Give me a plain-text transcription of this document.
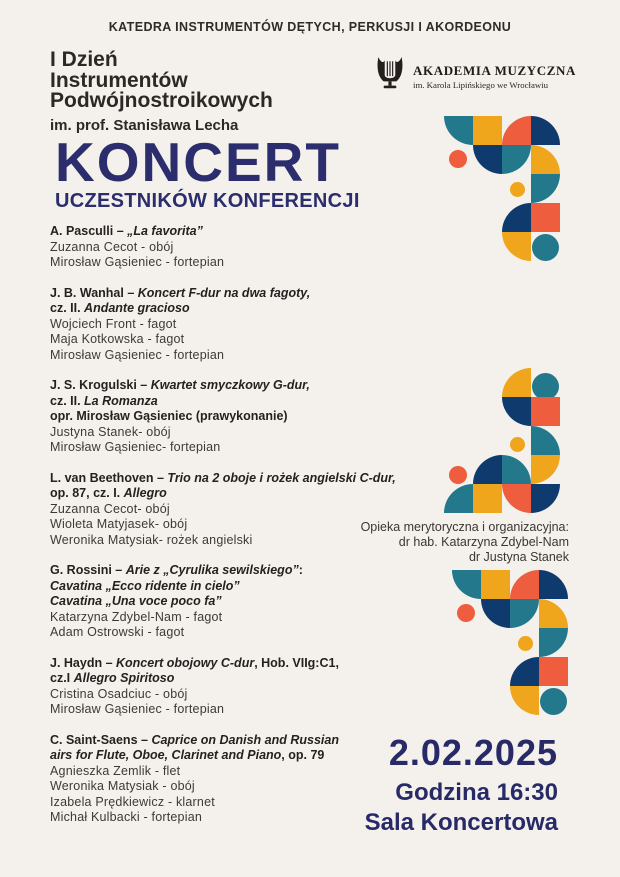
KATEDRA INSTRUMENTÓW DĘTYCH, PERKUSJI I AKORDEONU
I Dzień
Instrumentów
Podwójnostroikowych
im. prof. Stanisława Lecha
AKADEMIA MUZYCZNA
im. Karola Lipińskiego we Wrocławiu
KONCERT
UCZESTNIKÓW KONFERENCJI
A. Pasculli – „La favorita”
Zuzanna Cecot - obój
Mirosław Gąsieniec - fortepian
J. B. Wanhal – Koncert F-dur na dwa fagoty,
cz. II. Andante gracioso
Wojciech Front - fagot
Maja Kotkowska - fagot
Mirosław Gąsieniec - fortepian
J. S. Krogulski – Kwartet smyczkowy G-dur,
cz. II. La Romanza
opr. Mirosław Gąsieniec (prawykonanie)
Justyna Stanek- obój
Mirosław Gąsieniec- fortepian
L. van Beethoven – Trio na 2 oboje i rożek angielski C-dur,
op. 87, cz. I. Allegro
Zuzanna Cecot- obój
Wioleta Matyjasek- obój
Weronika Matysiak- rożek angielski
G. Rossini – Arie z „Cyrulika sewilskiego”:
Cavatina „Ecco ridente in cielo”
Cavatina „Una voce poco fa”
Katarzyna Zdybel-Nam - fagot
Adam Ostrowski - fagot
J. Haydn – Koncert obojowy C-dur, Hob. VIIg:C1,
cz.I Allegro Spiritoso
Cristina Osadciuc - obój
Mirosław Gąsieniec - fortepian
C. Saint-Saens – Caprice on Danish and Russian
airs for Flute, Oboe, Clarinet and Piano, op. 79
Agnieszka Zemlik - flet
Weronika Matysiak - obój
Izabela Prędkiewicz - klarnet
Michał Kulbacki - fortepian
Opieka merytoryczna i organizacyjna:
dr hab. Katarzyna Zdybel-Nam
dr Justyna Stanek
2.02.2025
Godzina 16:30
Sala Koncertowa
